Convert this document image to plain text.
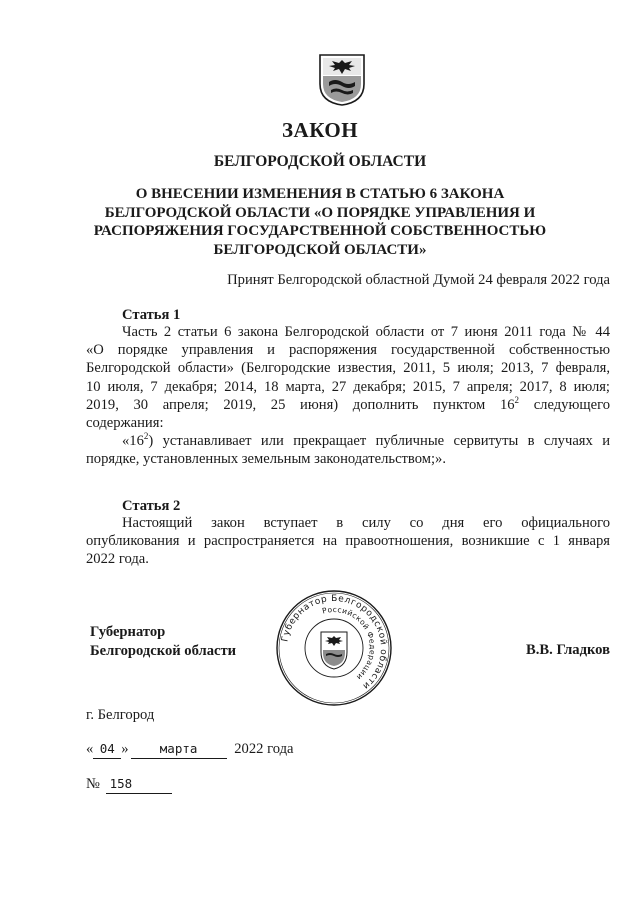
ЗАКОН
БЕЛГОРОДСКОЙ ОБЛАСТИ
О ВНЕСЕНИИ ИЗМЕНЕНИЯ В СТАТЬЮ 6 ЗАКОНА
БЕЛГОРОДСКОЙ ОБЛАСТИ «О ПОРЯДКЕ УПРАВЛЕНИЯ И
РАСПОРЯЖЕНИЯ ГОСУДАРСТВЕННОЙ СОБСТВЕННОСТЬЮ
БЕЛГОРОДСКОЙ ОБЛАСТИ»
Принят Белгородской областной Думой 24 февраля 2022 года
Статья 1
Часть 2 статьи 6 закона Белгородской области от 7 июня 2011 года № 44
«О порядке управления и распоряжения государственной собственностью
Белгородской области» (Белгородские известия, 2011, 5 июля; 2013, 7 февраля,
10 июля, 7 декабря; 2014, 18 марта, 27 декабря; 2015, 7 апреля; 2017, 8 июля;
2019, 30 апреля; 2019, 25 июня) дополнить пунктом $16^2$ следующего
содержания:
«$16^2$) устанавливает или прекращает публичные сервитуты в случаях и
порядке, установленных земельным законодательством;».
Статья 2
Настоящий закон вступает в силу со дня его официального
опубликования и распространяется на правоотношения, возникшие с 1 января
2022 года.
Губернатор
Белгородской области	В.В. Гладков
Губернатор Белгородской области
Российской Федерации
г. Белгород
« 04 » марта	2022 года
№ 158
